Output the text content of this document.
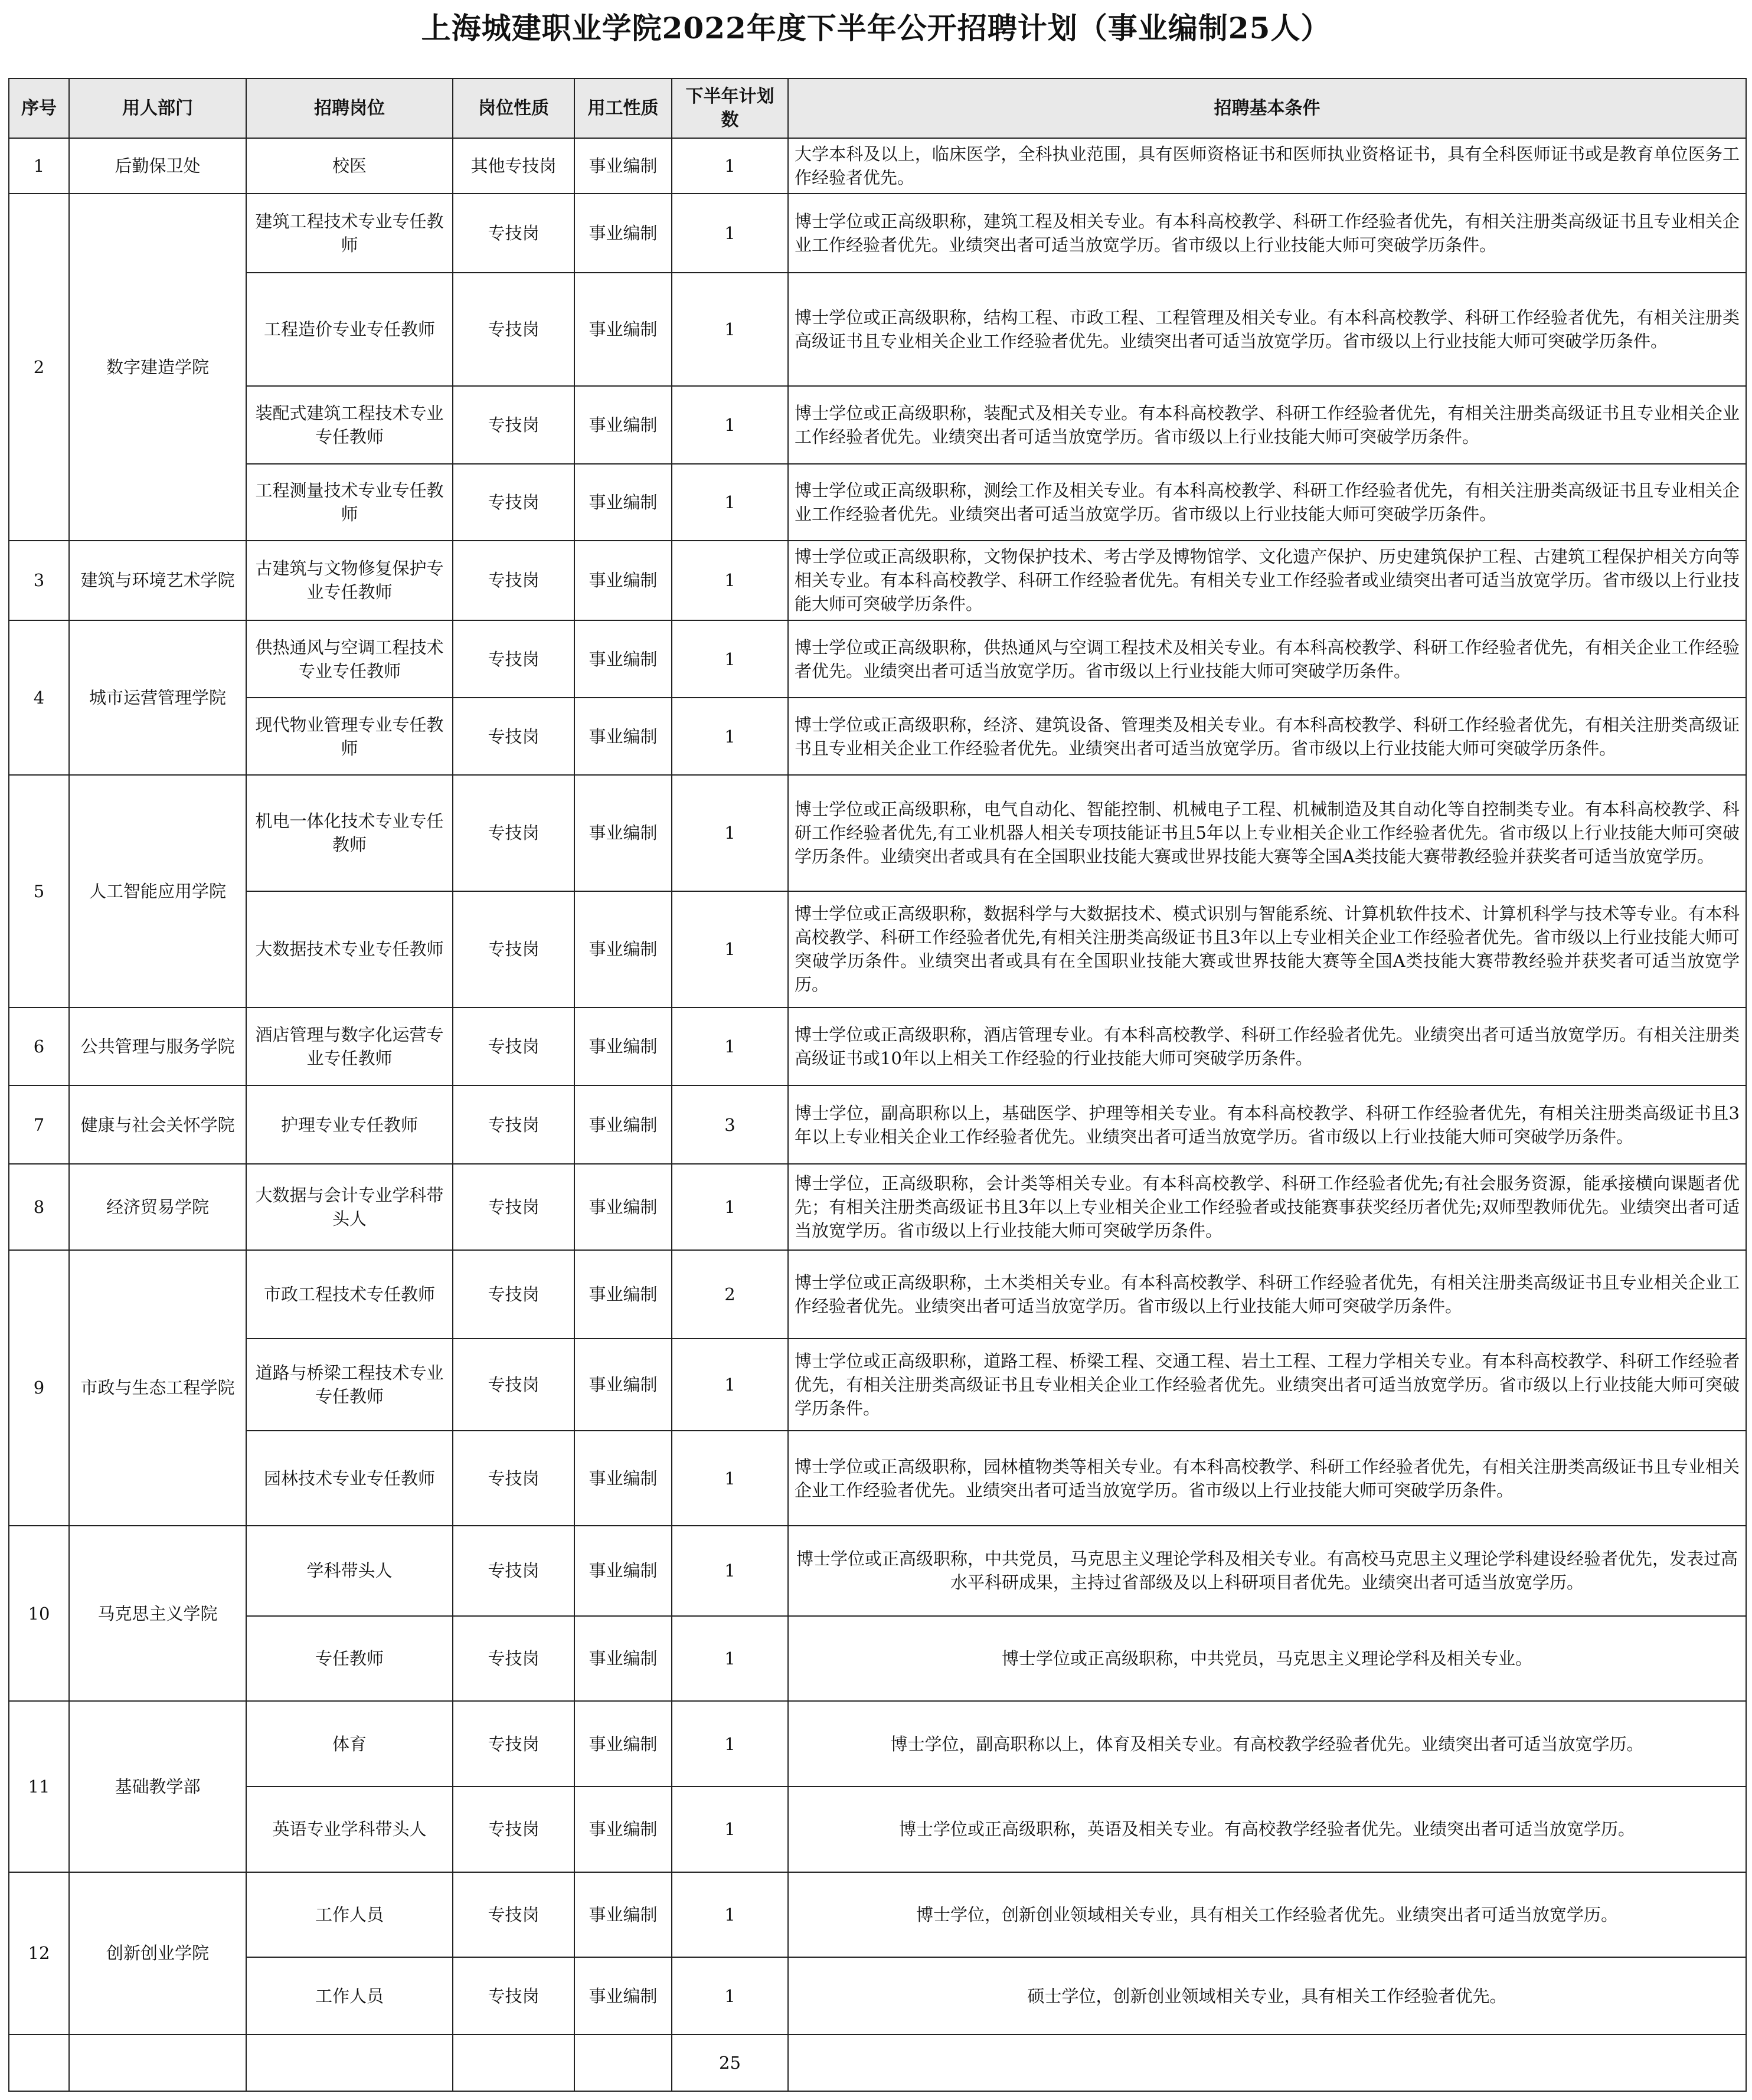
上海城建职业学院2022年度下半年公开招聘计划（事业编制25人）
序号	用人部门	招聘岗位	岗位性质	用工性质	下半年计划数	招聘基本条件
1	后勤保卫处	校医	其他专技岗	事业编制	1	大学本科及以上，临床医学，全科执业范围，具有医师资格证书和医师执业资格证书，具有全科医师证书或是教育单位医务工作经验者优先。
2	数字建造学院	建筑工程技术专业专任教师	专技岗	事业编制	1	博士学位或正高级职称，建筑工程及相关专业。有本科高校教学、科研工作经验者优先，有相关注册类高级证书且专业相关企业工作经验者优先。业绩突出者可适当放宽学历。省市级以上行业技能大师可突破学历条件。
		工程造价专业专任教师	专技岗	事业编制	1	博士学位或正高级职称，结构工程、市政工程、工程管理及相关专业。有本科高校教学、科研工作经验者优先，有相关注册类高级证书且专业相关企业工作经验者优先。业绩突出者可适当放宽学历。省市级以上行业技能大师可突破学历条件。
		装配式建筑工程技术专业专任教师	专技岗	事业编制	1	博士学位或正高级职称，装配式及相关专业。有本科高校教学、科研工作经验者优先，有相关注册类高级证书且专业相关企业工作经验者优先。业绩突出者可适当放宽学历。省市级以上行业技能大师可突破学历条件。
		工程测量技术专业专任教师	专技岗	事业编制	1	博士学位或正高级职称，测绘工作及相关专业。有本科高校教学、科研工作经验者优先，有相关注册类高级证书且专业相关企业工作经验者优先。业绩突出者可适当放宽学历。省市级以上行业技能大师可突破学历条件。
3	建筑与环境艺术学院	古建筑与文物修复保护专业专任教师	专技岗	事业编制	1	博士学位或正高级职称，文物保护技术、考古学及博物馆学、文化遗产保护、历史建筑保护工程、古建筑工程保护相关方向等相关专业。有本科高校教学、科研工作经验者优先。有相关专业工作经验者或业绩突出者可适当放宽学历。省市级以上行业技能大师可突破学历条件。
4	城市运营管理学院	供热通风与空调工程技术专业专任教师	专技岗	事业编制	1	博士学位或正高级职称，供热通风与空调工程技术及相关专业。有本科高校教学、科研工作经验者优先，有相关企业工作经验者优先。业绩突出者可适当放宽学历。省市级以上行业技能大师可突破学历条件。
		现代物业管理专业专任教师	专技岗	事业编制	1	博士学位或正高级职称，经济、建筑设备、管理类及相关专业。有本科高校教学、科研工作经验者优先，有相关注册类高级证书且专业相关企业工作经验者优先。业绩突出者可适当放宽学历。省市级以上行业技能大师可突破学历条件。
5	人工智能应用学院	机电一体化技术专业专任教师	专技岗	事业编制	1	博士学位或正高级职称，电气自动化、智能控制、机械电子工程、机械制造及其自动化等自控制类专业。有本科高校教学、科研工作经验者优先,有工业机器人相关专项技能证书且5年以上专业相关企业工作经验者优先。省市级以上行业技能大师可突破学历条件。业绩突出者或具有在全国职业技能大赛或世界技能大赛等全国A类技能大赛带教经验并获奖者可适当放宽学历。
		大数据技术专业专任教师	专技岗	事业编制	1	博士学位或正高级职称，数据科学与大数据技术、模式识别与智能系统、计算机软件技术、计算机科学与技术等专业。有本科高校教学、科研工作经验者优先,有相关注册类高级证书且3年以上专业相关企业工作经验者优先。省市级以上行业技能大师可突破学历条件。业绩突出者或具有在全国职业技能大赛或世界技能大赛等全国A类技能大赛带教经验并获奖者可适当放宽学历。
6	公共管理与服务学院	酒店管理与数字化运营专业专任教师	专技岗	事业编制	1	博士学位或正高级职称，酒店管理专业。有本科高校教学、科研工作经验者优先。业绩突出者可适当放宽学历。有相关注册类高级证书或10年以上相关工作经验的行业技能大师可突破学历条件。
7	健康与社会关怀学院	护理专业专任教师	专技岗	事业编制	3	博士学位，副高职称以上，基础医学、护理等相关专业。有本科高校教学、科研工作经验者优先，有相关注册类高级证书且3年以上专业相关企业工作经验者优先。业绩突出者可适当放宽学历。省市级以上行业技能大师可突破学历条件。
8	经济贸易学院	大数据与会计专业学科带头人	专技岗	事业编制	1	博士学位，正高级职称，会计类等相关专业。有本科高校教学、科研工作经验者优先;有社会服务资源，能承接横向课题者优先；有相关注册类高级证书且3年以上专业相关企业工作经验者或技能赛事获奖经历者优先;双师型教师优先。业绩突出者可适当放宽学历。省市级以上行业技能大师可突破学历条件。
9	市政与生态工程学院	市政工程技术专任教师	专技岗	事业编制	2	博士学位或正高级职称，土木类相关专业。有本科高校教学、科研工作经验者优先，有相关注册类高级证书且专业相关企业工作经验者优先。业绩突出者可适当放宽学历。省市级以上行业技能大师可突破学历条件。
		道路与桥梁工程技术专业专任教师	专技岗	事业编制	1	博士学位或正高级职称，道路工程、桥梁工程、交通工程、岩土工程、工程力学相关专业。有本科高校教学、科研工作经验者优先，有相关注册类高级证书且专业相关企业工作经验者优先。业绩突出者可适当放宽学历。省市级以上行业技能大师可突破学历条件。
		园林技术专业专任教师	专技岗	事业编制	1	博士学位或正高级职称，园林植物类等相关专业。有本科高校教学、科研工作经验者优先，有相关注册类高级证书且专业相关企业工作经验者优先。业绩突出者可适当放宽学历。省市级以上行业技能大师可突破学历条件。
10	马克思主义学院	学科带头人	专技岗	事业编制	1	博士学位或正高级职称，中共党员，马克思主义理论学科及相关专业。有高校马克思主义理论学科建设经验者优先，发表过高水平科研成果，主持过省部级及以上科研项目者优先。业绩突出者可适当放宽学历。
		专任教师	专技岗	事业编制	1	博士学位或正高级职称，中共党员，马克思主义理论学科及相关专业。
11	基础教学部	体育	专技岗	事业编制	1	博士学位，副高职称以上，体育及相关专业。有高校教学经验者优先。业绩突出者可适当放宽学历。
		英语专业学科带头人	专技岗	事业编制	1	博士学位或正高级职称，英语及相关专业。有高校教学经验者优先。业绩突出者可适当放宽学历。
12	创新创业学院	工作人员	专技岗	事业编制	1	博士学位，创新创业领域相关专业，具有相关工作经验者优先。业绩突出者可适当放宽学历。
		工作人员	专技岗	事业编制	1	硕士学位，创新创业领域相关专业，具有相关工作经验者优先。
					25	
